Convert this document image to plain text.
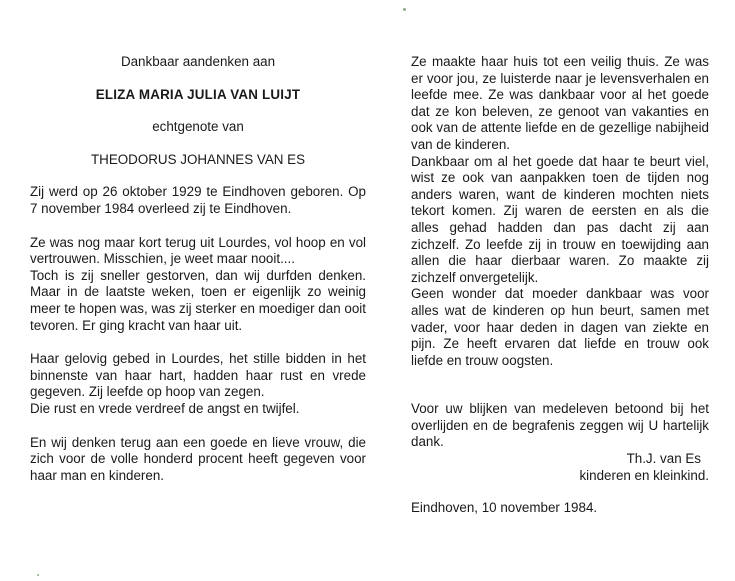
Dankbaar aandenken aan

ELIZA MARIA JULIA VAN LUIJT

echtgenote van

THEODORUS JOHANNES VAN ES

Zij werd op 26 oktober 1929 te Eindhoven geboren. Op 7 november 1984 overleed zij te Eindhoven.

Ze was nog maar kort terug uit Lourdes, vol hoop en vol vertrouwen. Misschien, je weet maar nooit....

Toch is zij sneller gestorven, dan wij durfden denken. Maar in de laatste weken, toen er eigenlijk zo weinig meer te hopen was, was zij sterker en moediger dan ooit tevoren. Er ging kracht van haar uit.

Haar gelovig gebed in Lourdes, het stille bidden in het binnenste van haar hart, hadden haar rust en vrede gegeven. Zij leefde op hoop van zegen.

Die rust en vrede verdreef de angst en twijfel.

En wij denken terug aan een goede en lieve vrouw, die zich voor de volle honderd procent heeft gegeven voor haar man en kinderen.

Ze maakte haar huis tot een veilig thuis. Ze was er voor jou, ze luisterde naar je levensverhalen en leefde mee. Ze was dankbaar voor al het goede dat ze kon beleven, ze genoot van vakanties en ook van de attente liefde en de gezellige nabijheid van de kinderen.

Dankbaar om al het goede dat haar te beurt viel, wist ze ook van aanpakken toen de tijden nog anders waren, want de kinderen mochten niets tekort komen. Zij waren de eersten en als die alles gehad hadden dan pas dacht zij aan zichzelf. Zo leefde zij in trouw en toewijding aan allen die haar dierbaar waren. Zo maakte zij zichzelf onvergetelijk.

Geen wonder dat moeder dankbaar was voor alles wat de kinderen op hun beurt, samen met vader, voor haar deden in dagen van ziekte en pijn. Ze heeft ervaren dat liefde en trouw ook liefde en trouw oogsten.

Voor uw blijken van medeleven betoond bij het overlijden en de begrafenis zeggen wij U hartelijk dank.

Th.J. van Es

kinderen en kleinkind.

Eindhoven, 10 november 1984.
